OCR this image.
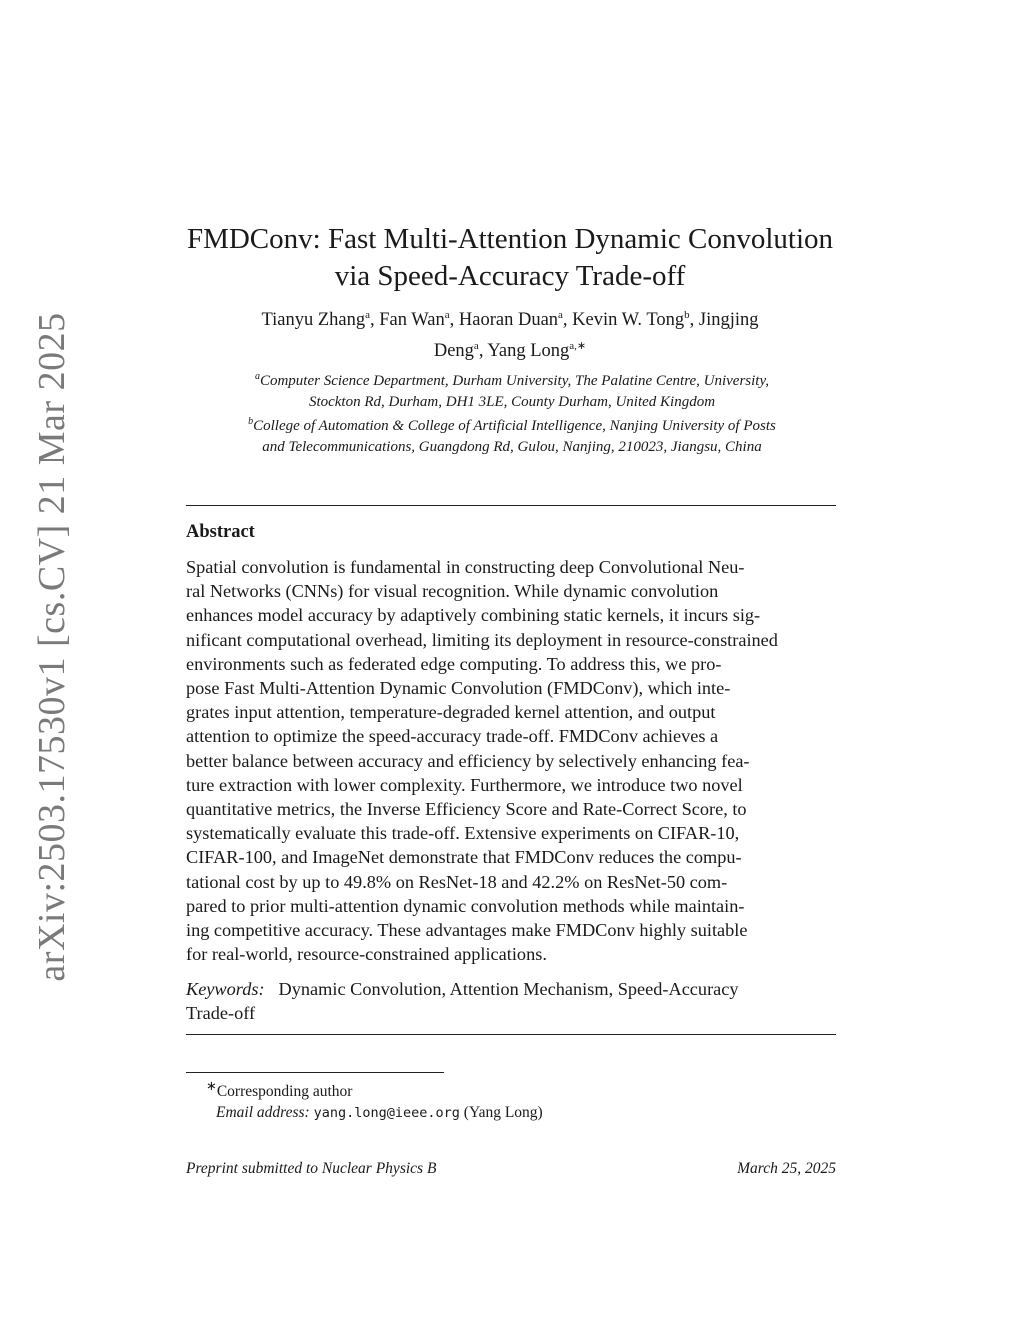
arXiv:2503.17530v1 [cs.CV] 21 Mar 2025
FMDConv: Fast Multi-Attention Dynamic Convolution
via Speed-Accuracy Trade-off
Tianyu Zhang$^a$, Fan Wan$^a$, Haoran Duan$^a$, Kevin W. Tong$^b$, Jingjing
Deng$^a$, Yang Long$^{a,∗}$
$^a$Computer Science Department, Durham University, The Palatine Centre, University,
Stockton Rd, Durham, DH1 3LE, County Durham, United Kingdom
$^b$College of Automation & College of Artificial Intelligence, Nanjing University of Posts
and Telecommunications, Guangdong Rd, Gulou, Nanjing, 210023, Jiangsu, China
Abstract
Spatial convolution is fundamental in constructing deep Convolutional Neu-
ral Networks (CNNs) for visual recognition. While dynamic convolution
enhances model accuracy by adaptively combining static kernels, it incurs sig-
nificant computational overhead, limiting its deployment in resource-constrained
environments such as federated edge computing. To address this, we pro-
pose Fast Multi-Attention Dynamic Convolution (FMDConv), which inte-
grates input attention, temperature-degraded kernel attention, and output
attention to optimize the speed-accuracy trade-off. FMDConv achieves a
better balance between accuracy and efficiency by selectively enhancing fea-
ture extraction with lower complexity. Furthermore, we introduce two novel
quantitative metrics, the Inverse Efficiency Score and Rate-Correct Score, to
systematically evaluate this trade-off. Extensive experiments on CIFAR-10,
CIFAR-100, and ImageNet demonstrate that FMDConv reduces the compu-
tational cost by up to 49.8% on ResNet-18 and 42.2% on ResNet-50 com-
pared to prior multi-attention dynamic convolution methods while maintain-
ing competitive accuracy. These advantages make FMDConv highly suitable
for real-world, resource-constrained applications.
Keywords: Dynamic Convolution, Attention Mechanism, Speed-Accuracy
Trade-off
∗Corresponding author
Email address: yang.long@ieee.org (Yang Long)
Preprint submitted to Nuclear Physics B	March 25, 2025
